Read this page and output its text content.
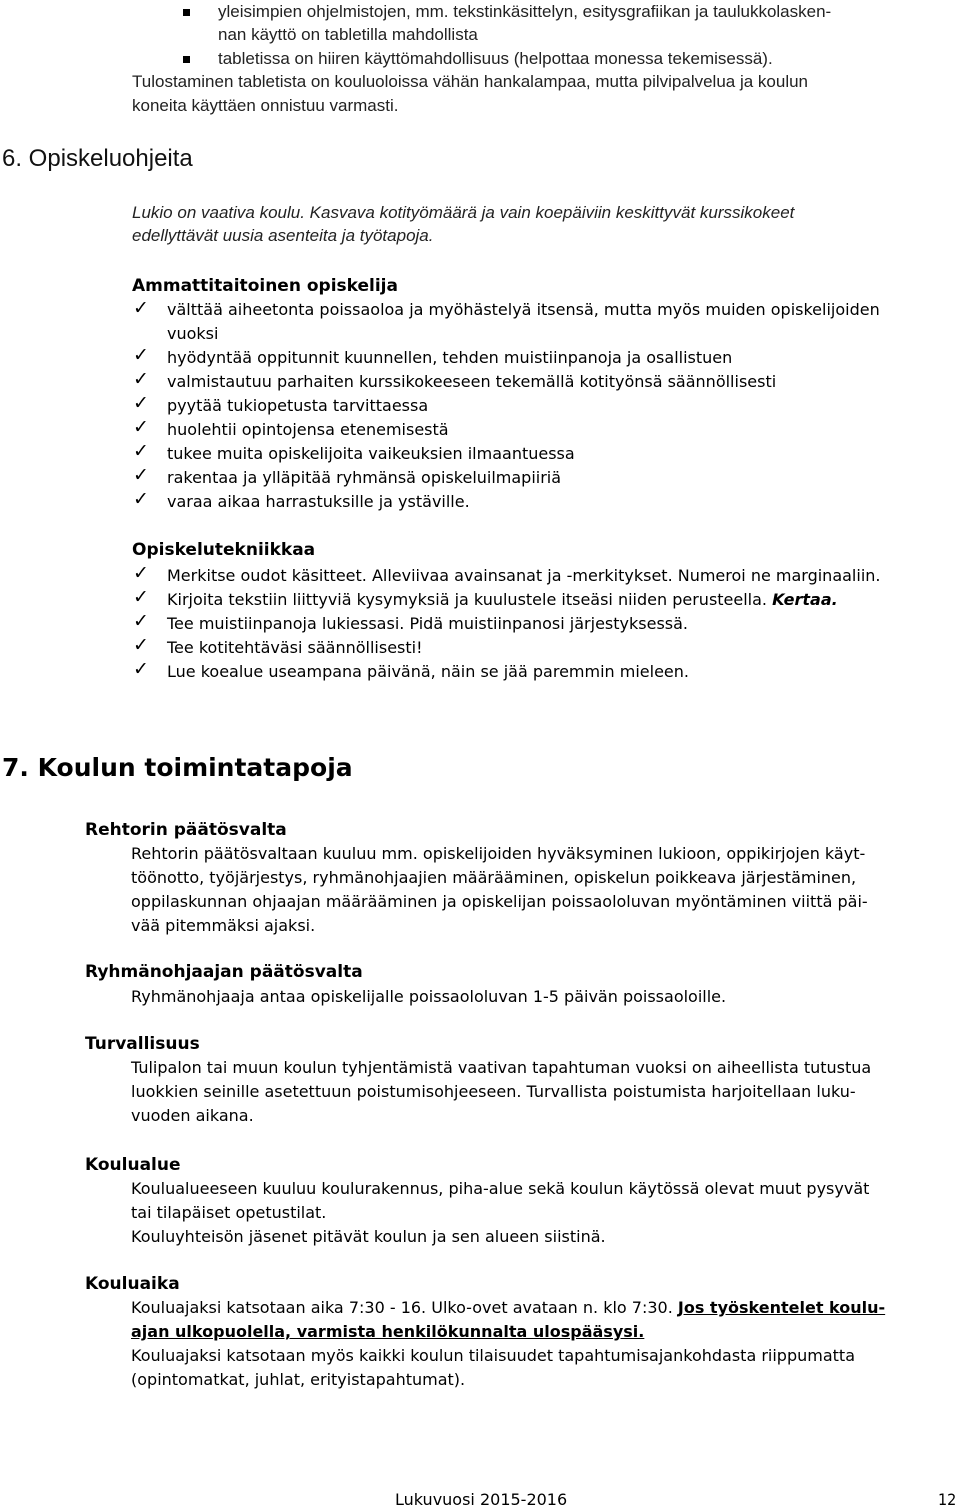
yleisimpien ohjelmistojen, mm. tekstinkäsittelyn, esitysgrafiikan ja taulukkolasken-
nan käyttö on tabletilla mahdollista
tabletissa on hiiren käyttömahdollisuus (helpottaa monessa tekemisessä).
Tulostaminen tabletista on kouluoloissa vähän hankalampaa, mutta pilvipalvelua ja koulun
koneita käyttäen onnistuu varmasti.
6. Opiskeluohjeita
Lukio on vaativa koulu. Kasvava kotityömäärä ja vain koepäiviin keskittyvät kurssikokeet
edellyttävät uusia asenteita ja työtapoja.
Ammattitaitoinen opiskelija
✓ välttää aiheetonta poissaoloa ja myöhästelyä itsensä, mutta myös muiden opiskelijoiden
vuoksi
✓ hyödyntää oppitunnit kuunnellen, tehden muistiinpanoja ja osallistuen
✓ valmistautuu parhaiten kurssikokeeseen tekemällä kotityönsä säännöllisesti
✓ pyytää tukiopetusta tarvittaessa
✓ huolehtii opintojensa etenemisestä
✓ tukee muita opiskelijoita vaikeuksien ilmaantuessa
✓ rakentaa ja ylläpitää ryhmänsä opiskeluilmapiiriä
✓ varaa aikaa harrastuksille ja ystäville.
Opiskelutekniikkaa
✓ Merkitse oudot käsitteet. Alleviivaa avainsanat ja -merkitykset. Numeroi ne marginaaliin.
✓ Kirjoita tekstiin liittyviä kysymyksiä ja kuulustele itseäsi niiden perusteella. Kertaa.
✓ Tee muistiinpanoja lukiessasi. Pidä muistiinpanosi järjestyksessä.
✓ Tee kotitehtäväsi säännöllisesti!
✓ Lue koealue useampana päivänä, näin se jää paremmin mieleen.
7. Koulun toimintatapoja
Rehtorin päätösvalta
Rehtorin päätösvaltaan kuuluu mm. opiskelijoiden hyväksyminen lukioon, oppikirjojen käyt-
töönotto, työjärjestys, ryhmänohjaajien määrääminen, opiskelun poikkeava järjestäminen,
oppilaskunnan ohjaajan määrääminen ja opiskelijan poissaololuvan myöntäminen viittä päi-
vää pitemmäksi ajaksi.
Ryhmänohjaajan päätösvalta
Ryhmänohjaaja antaa opiskelijalle poissaololuvan 1-5 päivän poissaoloille.
Turvallisuus
Tulipalon tai muun koulun tyhjentämistä vaativan tapahtuman vuoksi on aiheellista tutustua
luokkien seinille asetettuun poistumisohjeeseen. Turvallista poistumista harjoitellaan luku-
vuoden aikana.
Koulualue
Koulualueeseen kuuluu koulurakennus, piha-alue sekä koulun käytössä olevat muut pysyvät
tai tilapäiset opetustilat.
Kouluyhteisön jäsenet pitävät koulun ja sen alueen siistinä.
Kouluaika
Kouluajaksi katsotaan aika 7:30 - 16. Ulko-ovet avataan n. klo 7:30. Jos työskentelet koulu-
ajan ulkopuolella, varmista henkilökunnalta ulospääsysi.
Kouluajaksi katsotaan myös kaikki koulun tilaisuudet tapahtumisajankohdasta riippumatta
(opintomatkat, juhlat, erityistapahtumat).
Lukuvuosi 2015-2016	12
